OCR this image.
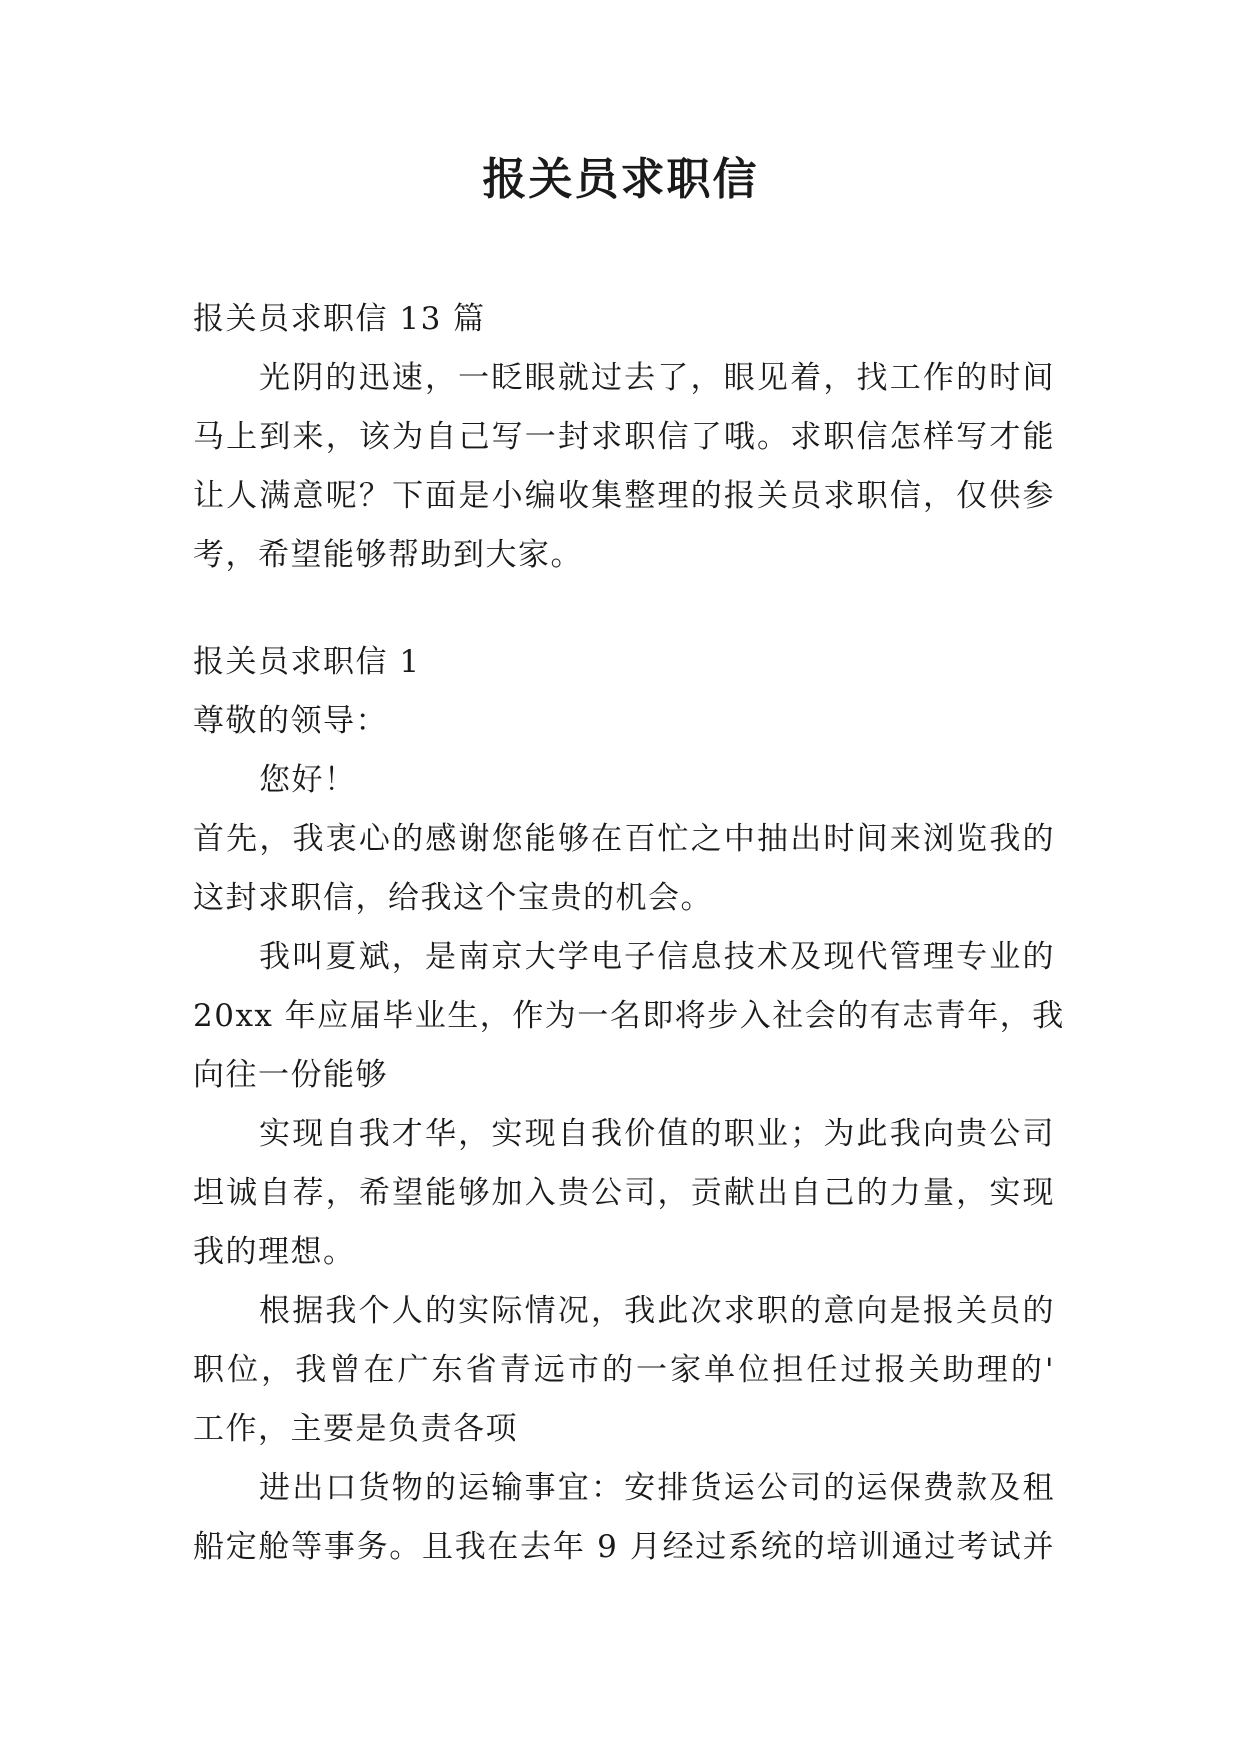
报关员求职信

报关员求职信 13 篇

光阴的迅速，一眨眼就过去了，眼见着，找工作的时间

马上到来，该为自己写一封求职信了哦。求职信怎样写才能

让人满意呢？下面是小编收集整理的报关员求职信，仅供参

考，希望能够帮助到大家。

报关员求职信 1

尊敬的领导：

您好！

首先，我衷心的感谢您能够在百忙之中抽出时间来浏览我的

这封求职信，给我这个宝贵的机会。

我叫夏斌，是南京大学电子信息技术及现代管理专业的

20xx 年应届毕业生，作为一名即将步入社会的有志青年，我

向往一份能够

实现自我才华，实现自我价值的职业；为此我向贵公司

坦诚自荐，希望能够加入贵公司，贡献出自己的力量，实现

我的理想。

根据我个人的实际情况，我此次求职的意向是报关员的

职位，我曾在广东省青远市的一家单位担任过报关助理的'

工作，主要是负责各项

进出口货物的运输事宜：安排货运公司的运保费款及租

船定舱等事务。且我在去年 9 月经过系统的培训通过考试并
